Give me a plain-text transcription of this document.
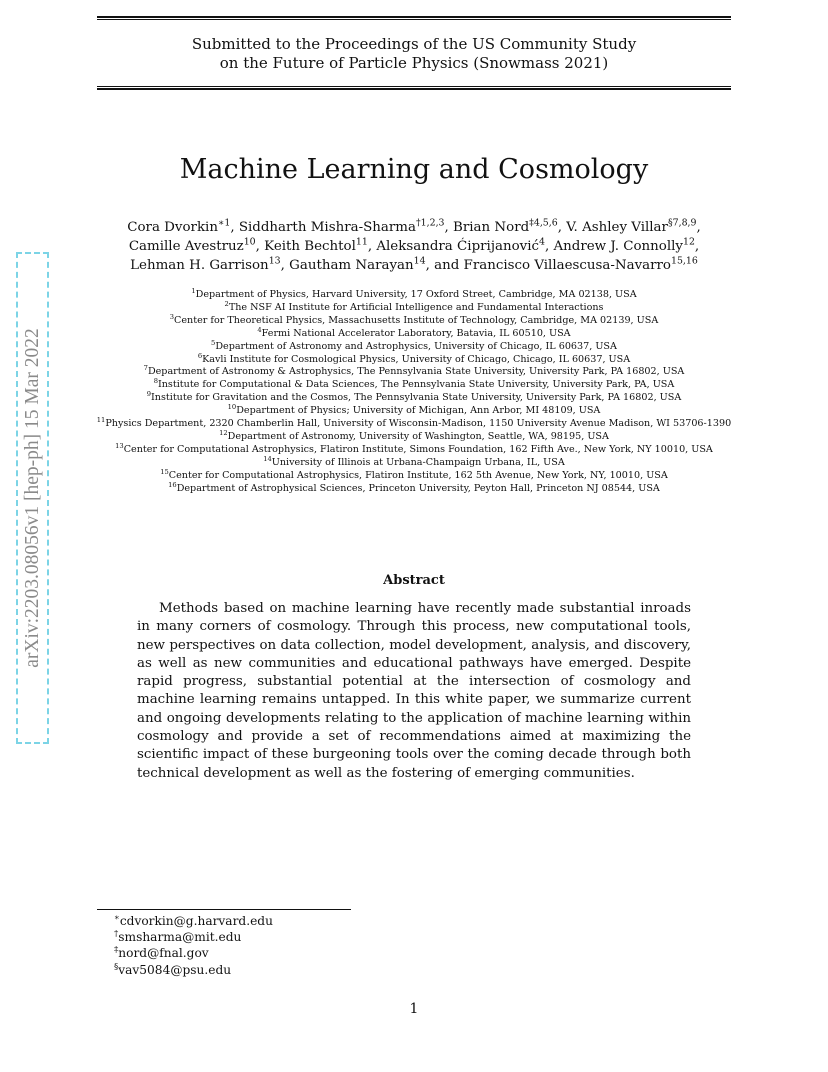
Submitted to the Proceedings of the US Community Study
on the Future of Particle Physics (Snowmass 2021)
Machine Learning and Cosmology
Cora Dvorkin$^{∗1}$, Siddharth Mishra-Sharma$^{\dagger 1,2,3}$, Brian Nord$^{\ddagger 4,5,6}$, V. Ashley Villar$^{\S 7,8,9}$, Camille Avestruz$^{10}$, Keith Bechtol$^{11}$, Aleksandra Ćiprijanović$^4$, Andrew J. Connolly$^{12}$, Lehman H. Garrison$^{13}$, Gautham Narayan$^{14}$, and Francisco Villaescusa-Navarro$^{15,16}$
$^1$Department of Physics, Harvard University, 17 Oxford Street, Cambridge, MA 02138, USA
$^2$The NSF AI Institute for Artificial Intelligence and Fundamental Interactions
$^3$Center for Theoretical Physics, Massachusetts Institute of Technology, Cambridge, MA 02139, USA
$^4$Fermi National Accelerator Laboratory, Batavia, IL 60510, USA
$^5$Department of Astronomy and Astrophysics, University of Chicago, IL 60637, USA
$^6$Kavli Institute for Cosmological Physics, University of Chicago, Chicago, IL 60637, USA
$^7$Department of Astronomy & Astrophysics, The Pennsylvania State University, University Park, PA 16802, USA
$^8$Institute for Computational & Data Sciences, The Pennsylvania State University, University Park, PA, USA
$^9$Institute for Gravitation and the Cosmos, The Pennsylvania State University, University Park, PA 16802, USA
$^{10}$Department of Physics; University of Michigan, Ann Arbor, MI 48109, USA
$^{11}$Physics Department, 2320 Chamberlin Hall, University of Wisconsin-Madison, 1150 University Avenue Madison, WI 53706-1390
$^{12}$Department of Astronomy, University of Washington, Seattle, WA, 98195, USA
$^{13}$Center for Computational Astrophysics, Flatiron Institute, Simons Foundation, 162 Fifth Ave., New York, NY 10010, USA
$^{14}$University of Illinois at Urbana-Champaign Urbana, IL, USA
$^{15}$Center for Computational Astrophysics, Flatiron Institute, 162 5th Avenue, New York, NY, 10010, USA
$^{16}$Department of Astrophysical Sciences, Princeton University, Peyton Hall, Princeton NJ 08544, USA
Abstract
Methods based on machine learning have recently made substantial inroads in many corners of cosmology. Through this process, new computational tools, new perspectives on data collection, model development, analysis, and discovery, as well as new communities and educational pathways have emerged. Despite rapid progress, substantial potential at the intersection of cosmology and machine learning remains untapped. In this white paper, we summarize current and ongoing developments relating to the application of machine learning within cosmology and provide a set of recommendations aimed at maximizing the scientific impact of these burgeoning tools over the coming decade through both technical development as well as the fostering of emerging communities.
∗cdvorkin@g.harvard.edu
†smsharma@mit.edu
‡nord@fnal.gov
§vav5084@psu.edu
1
arXiv:2203.08056v1 [hep-ph] 15 Mar 2022
